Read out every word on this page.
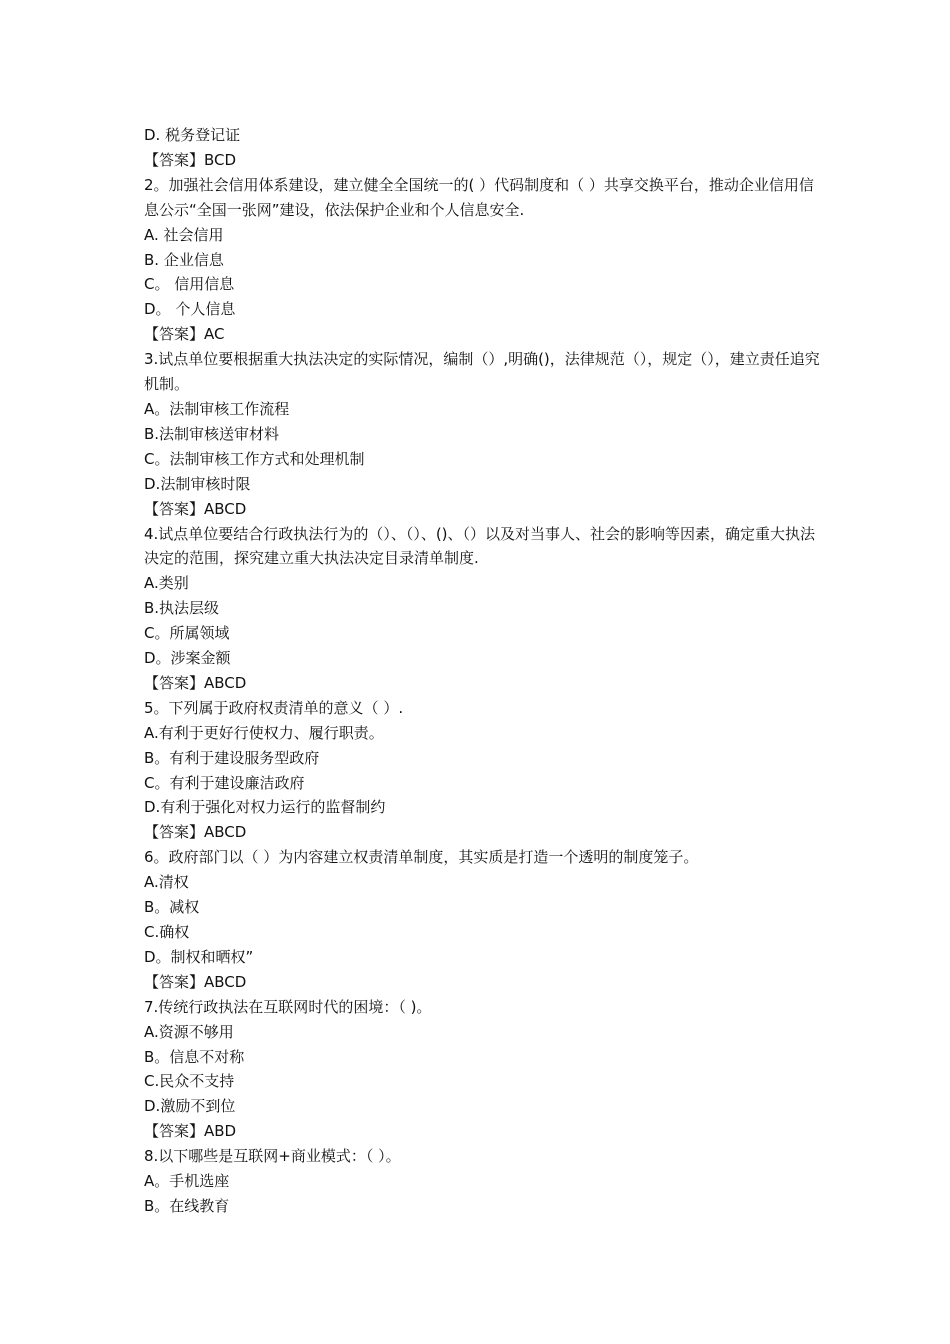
D. 税务登记证
【答案】BCD
2。加强社会信用体系建设，建立健全全国统一的( ）代码制度和（ ）共享交换平台，推动企业信用信息公示“全国一张网”建设，依法保护企业和个人信息安全.
A. 社会信用
B. 企业信息
C。 信用信息
D。 个人信息
【答案】AC
3.试点单位要根据重大执法决定的实际情况，编制（）,明确()，法律规范（），规定（），建立责任追究机制。
A。法制审核工作流程
B.法制审核送审材料
C。法制审核工作方式和处理机制
D.法制审核时限
【答案】ABCD
4.试点单位要结合行政执法行为的（）、（）、()、（）以及对当事人、社会的影响等因素，确定重大执法决定的范围，探究建立重大执法决定目录清单制度.
A.类别
B.执法层级
C。所属领域
D。涉案金额
【答案】ABCD
5。下列属于政府权责清单的意义（ ）.
A.有利于更好行使权力、履行职责。
B。有利于建设服务型政府
C。有利于建设廉洁政府
D.有利于强化对权力运行的监督制约
【答案】ABCD
6。政府部门以（ ）为内容建立权责清单制度，其实质是打造一个透明的制度笼子。
A.清权
B。减权
C.确权
D。制权和晒权”
【答案】ABCD
7.传统行政执法在互联网时代的困境：（ )。
A.资源不够用
B。信息不对称
C.民众不支持
D.激励不到位
【答案】ABD
8.以下哪些是互联网+商业模式：（ ）。
A。手机选座
B。在线教育
